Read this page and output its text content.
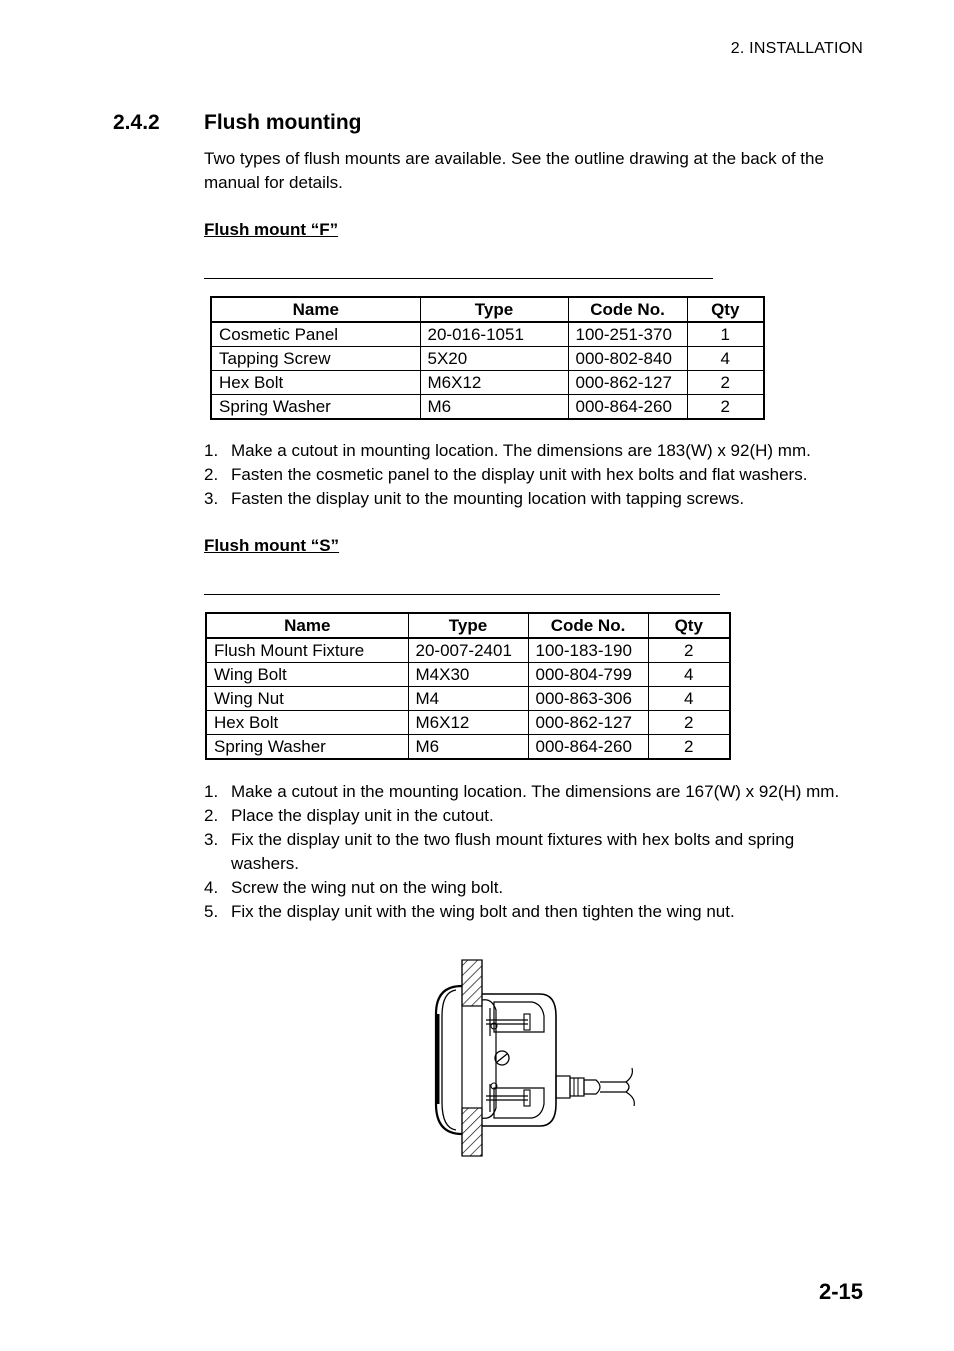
2. INSTALLATION
2.4.2 Flush mounting
Two types of flush mounts are available. See the outline drawing at the back of the manual for details.
Flush mount “F”
Name	Type	Code No.	Qty
Cosmetic Panel	20-016-1051	100-251-370	1
Tapping Screw	5X20	000-802-840	4
Hex Bolt	M6X12	000-862-127	2
Spring Washer	M6	000-864-260	2
1. Make a cutout in mounting location. The dimensions are 183(W) x 92(H) mm.
2. Fasten the cosmetic panel to the display unit with hex bolts and flat washers.
3. Fasten the display unit to the mounting location with tapping screws.
Flush mount “S”
Name	Type	Code No.	Qty
Flush Mount Fixture	20-007-2401	100-183-190	2
Wing Bolt	M4X30	000-804-799	4
Wing Nut	M4	000-863-306	4
Hex Bolt	M6X12	000-862-127	2
Spring Washer	M6	000-864-260	2
1. Make a cutout in the mounting location. The dimensions are 167(W) x 92(H) mm.
2. Place the display unit in the cutout.
3. Fix the display unit to the two flush mount fixtures with hex bolts and spring washers.
4. Screw the wing nut on the wing bolt.
5. Fix the display unit with the wing bolt and then tighten the wing nut.
2-15
